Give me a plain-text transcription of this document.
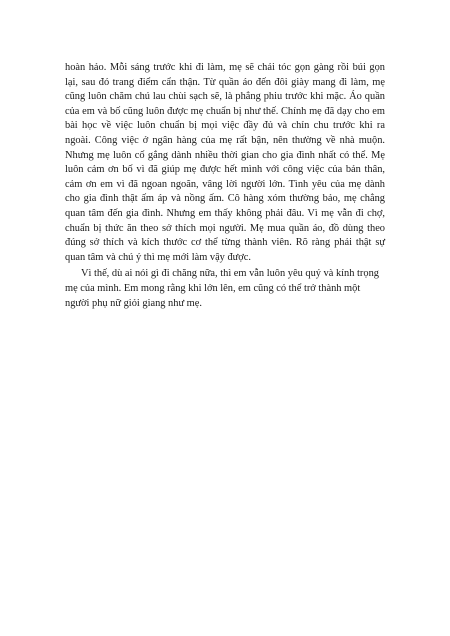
hoàn hảo. Mỗi sáng trước khi đi làm, mẹ sẽ chải tóc gọn gàng rồi búi gọn lại, sau đó trang điểm cẩn thận. Từ quần áo đến đôi giày mang đi làm, mẹ cũng luôn chăm chú lau chùi sạch sẽ, là phẳng phiu trước khi mặc. Áo quần của em và bố cũng luôn được mẹ chuẩn bị như thế. Chính mẹ đã dạy cho em bài học về việc luôn chuẩn bị mọi việc đầy đủ và chỉn chu trước khi ra ngoài. Công việc ở ngân hàng của mẹ rất bận, nên thường về nhà muộn. Nhưng mẹ luôn cố gắng dành nhiều thời gian cho gia đình nhất có thể. Mẹ luôn cảm ơn bố vì đã giúp mẹ được hết mình với công việc của bản thân, cảm ơn em vì đã ngoan ngoãn, vâng lời người lớn. Tình yêu của mẹ dành cho gia đình thật ấm áp và nồng ấm. Cô hàng xóm thường bảo, mẹ chẳng quan tâm đến gia đình. Nhưng em thấy không phải đâu. Vì mẹ vẫn đi chợ, chuẩn bị thức ăn theo sở thích mọi người. Mẹ mua quần áo, đồ dùng theo đúng sở thích và kích thước cơ thể từng thành viên. Rõ ràng phải thật sự quan tâm và chú ý thì mẹ mới làm vậy được.

Vì thế, dù ai nói gì đi chăng nữa, thì em vẫn luôn yêu quý và kính trọng mẹ của mình. Em mong rằng khi lớn lên, em cũng có thể trở thành một người phụ nữ giỏi giang như mẹ.
